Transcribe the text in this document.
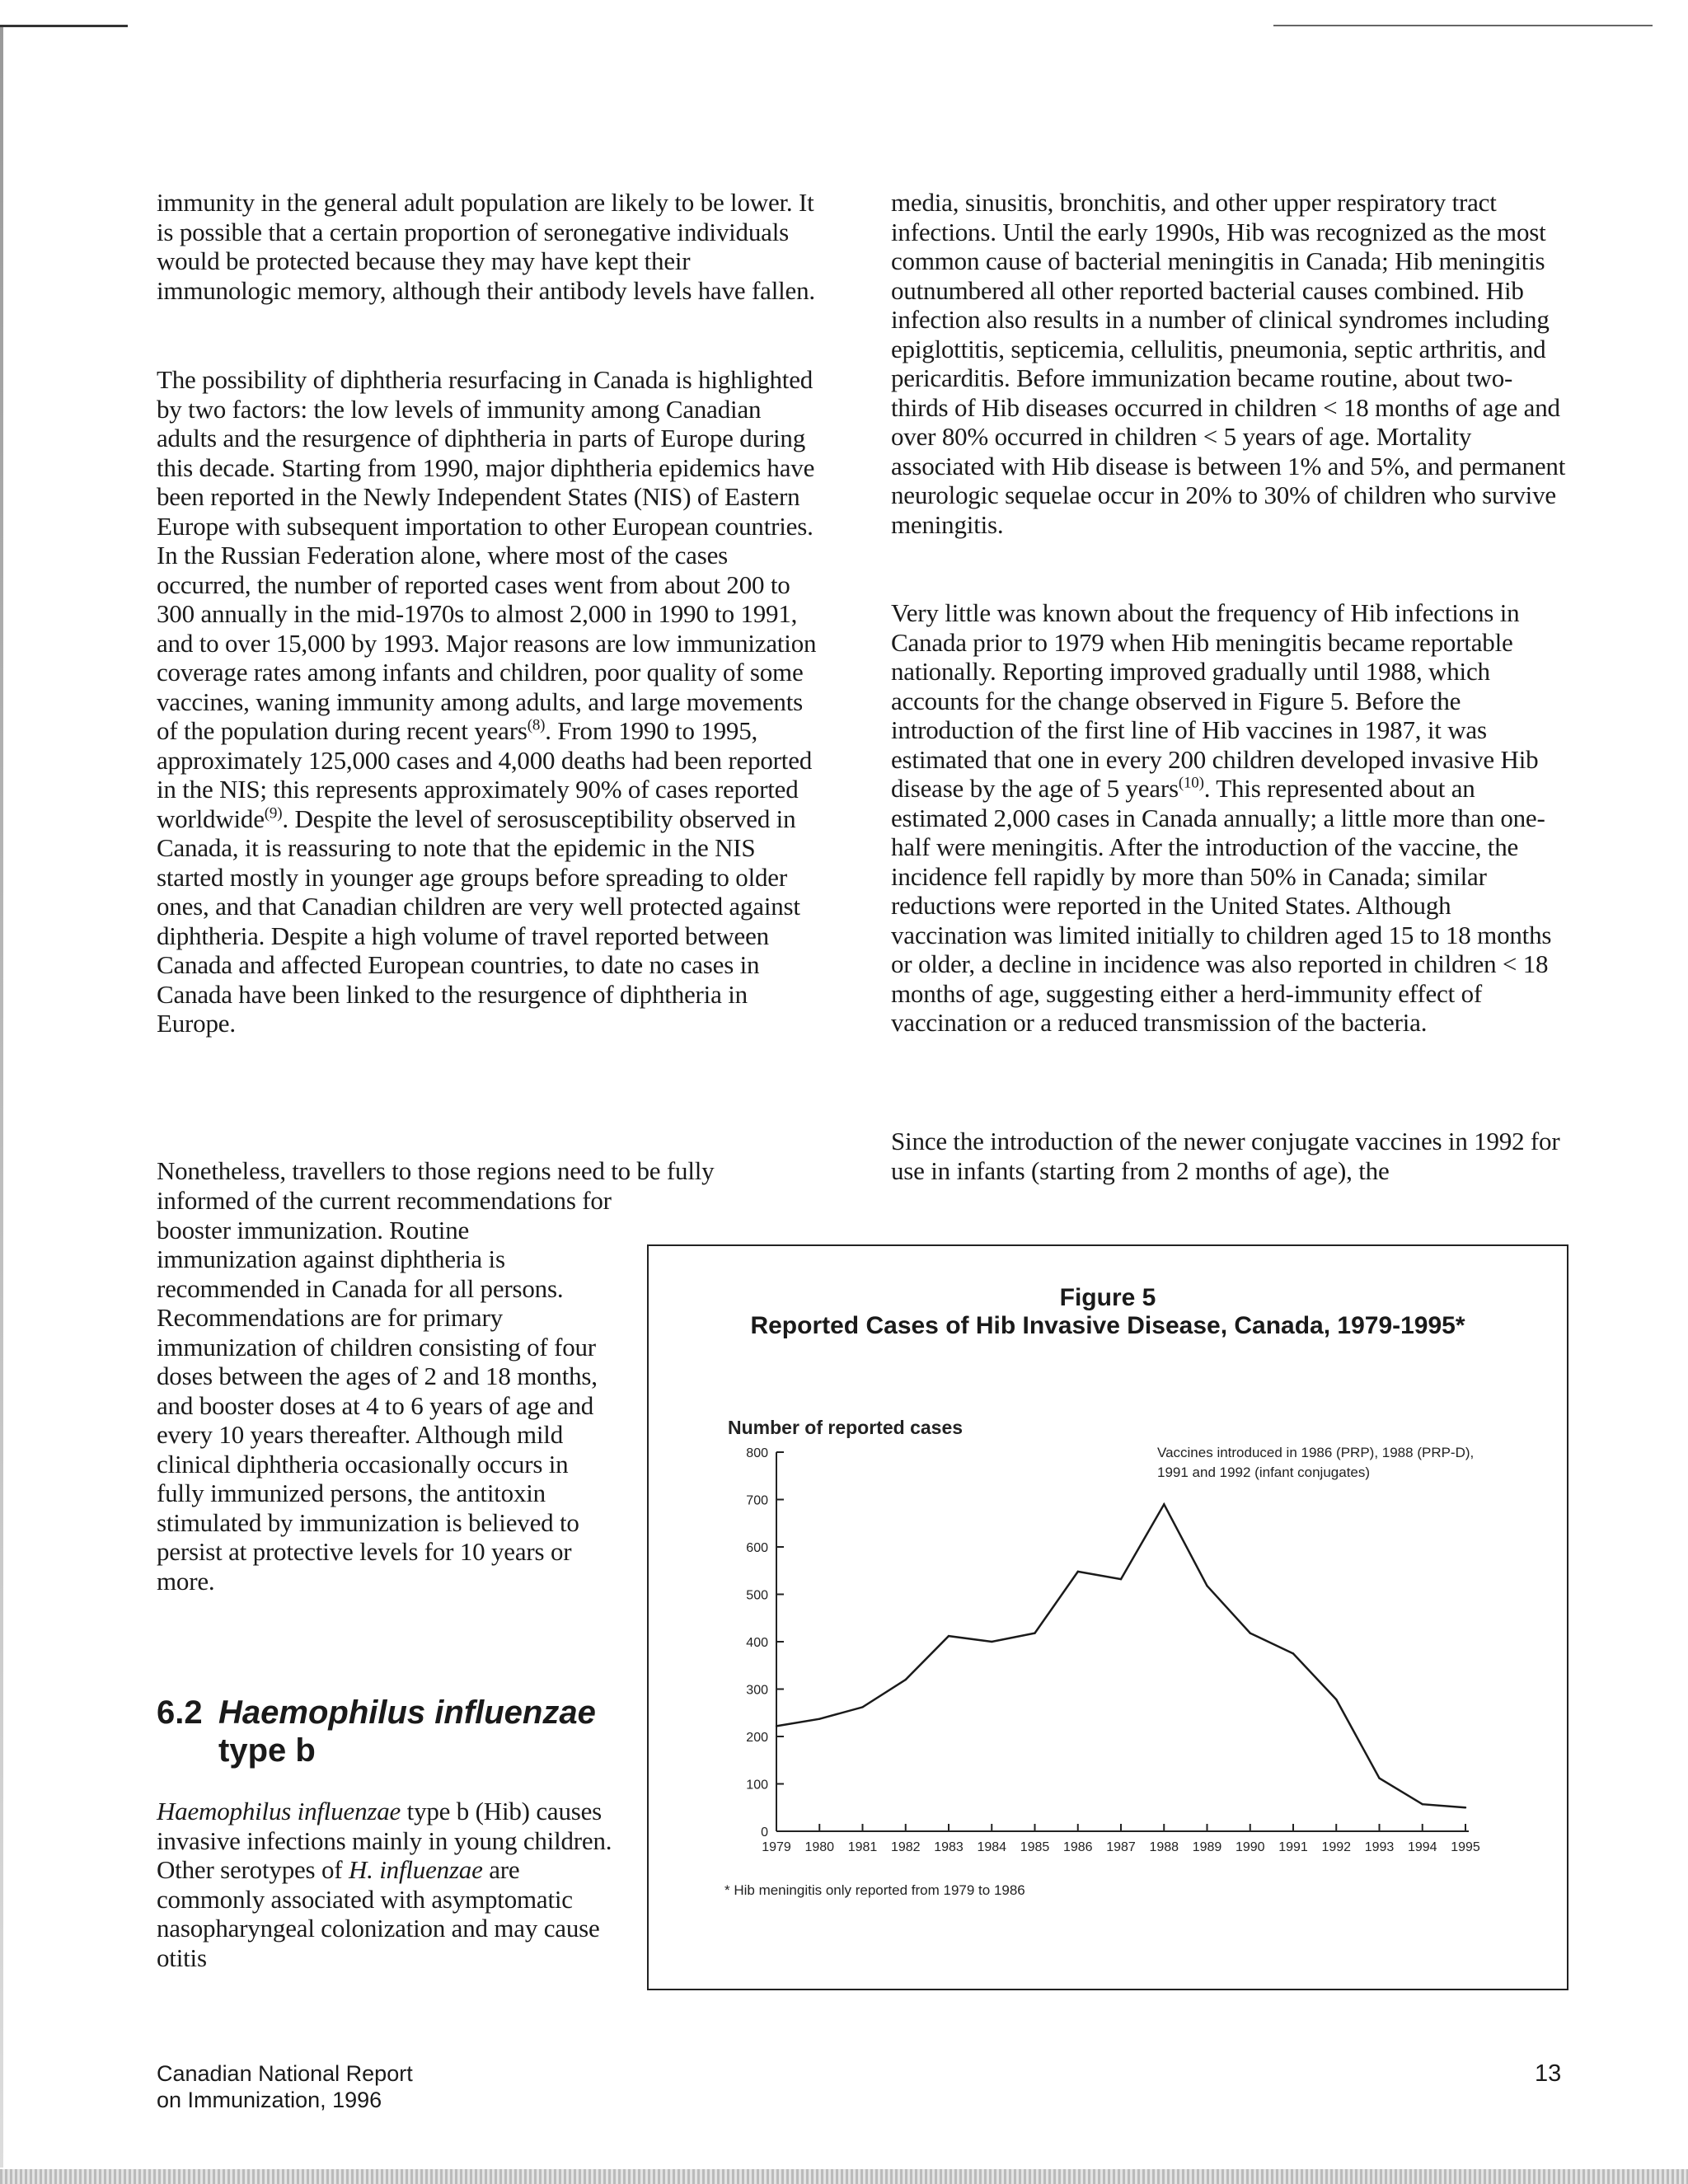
immunity in the general adult population are likely to be lower. It is possible that a certain proportion of seronegative individuals would be protected because they may have kept their immunologic memory, although their antibody levels have fallen.

The possibility of diphtheria resurfacing in Canada is highlighted by two factors: the low levels of immunity among Canadian adults and the resurgence of diphtheria in parts of Europe during this decade. Starting from 1990, major diphtheria epidemics have been reported in the Newly Independent States (NIS) of Eastern Europe with subsequent importation to other European countries. In the Russian Federation alone, where most of the cases occurred, the number of reported cases went from about 200 to 300 annually in the mid-1970s to almost 2,000 in 1990 to 1991, and to over 15,000 by 1993. Major reasons are low immunization coverage rates among infants and children, poor quality of some vaccines, waning immunity among adults, and large movements of the population during recent years$^{(8)}$. From 1990 to 1995, approximately 125,000 cases and 4,000 deaths had been reported in the NIS; this represents approximately 90% of cases reported worldwide$^{(9)}$. Despite the level of serosusceptibility observed in Canada, it is reassuring to note that the epidemic in the NIS started mostly in younger age groups before spreading to older ones, and that Canadian children are very well protected against diphtheria. Despite a high volume of travel reported between Canada and affected European countries, to date no cases in Canada have been linked to the resurgence of diphtheria in Europe.

Nonetheless, travellers to those regions need to be fully

informed of the current recommendations for booster immunization. Routine immunization against diphtheria is recommended in Canada for all persons. Recommendations are for primary immunization of children consisting of four doses between the ages of 2 and 18 months, and booster doses at 4 to 6 years of age and every 10 years thereafter. Although mild clinical diphtheria occasionally occurs in fully immunized persons, the antitoxin stimulated by immunization is believed to persist at protective levels for 10 years or more.

6.2 Haemophilus influenzae
type b

Haemophilus influenzae type b (Hib) causes invasive infections mainly in young children. Other serotypes of H. influenzae are commonly associated with asymptomatic nasopharyngeal colonization and may cause otitis

media, sinusitis, bronchitis, and other upper respiratory tract infections. Until the early 1990s, Hib was recognized as the most common cause of bacterial meningitis in Canada; Hib meningitis outnumbered all other reported bacterial causes combined. Hib infection also results in a number of clinical syndromes including epiglottitis, septicemia, cellulitis, pneumonia, septic arthritis, and pericarditis. Before immunization became routine, about two-thirds of Hib diseases occurred in children < 18 months of age and over 80% occurred in children < 5 years of age. Mortality associated with Hib disease is between 1% and 5%, and permanent neurologic sequelae occur in 20% to 30% of children who survive meningitis.

Very little was known about the frequency of Hib infections in Canada prior to 1979 when Hib meningitis became reportable nationally. Reporting improved gradually until 1988, which accounts for the change observed in Figure 5. Before the introduction of the first line of Hib vaccines in 1987, it was estimated that one in every 200 children developed invasive Hib disease by the age of 5 years$^{(10)}$. This represented about an estimated 2,000 cases in Canada annually; a little more than one-half were meningitis. After the introduction of the vaccine, the incidence fell rapidly by more than 50% in Canada; similar reductions were reported in the United States. Although vaccination was limited initially to children aged 15 to 18 months or older, a decline in incidence was also reported in children < 18 months of age, suggesting either a herd-immunity effect of vaccination or a reduced transmission of the bacteria.

Since the introduction of the newer conjugate vaccines in 1992 for use in infants (starting from 2 months of age), the

Figure 5
Reported Cases of Hib Invasive Disease, Canada, 1979-1995*
Number of reported cases
Vaccines introduced in 1986 (PRP), 1988 (PRP-D),
1991 and 1992 (infant conjugates)
* Hib meningitis only reported from 1979 to 1986
0
100
200
300
400
500
600
700
800
1979 1980 1981 1982 1983 1984 1985 1986 1987 1988 1989 1990 1991 1992 1993 1994 1995
Canadian National Report
on Immunization, 1996
13
